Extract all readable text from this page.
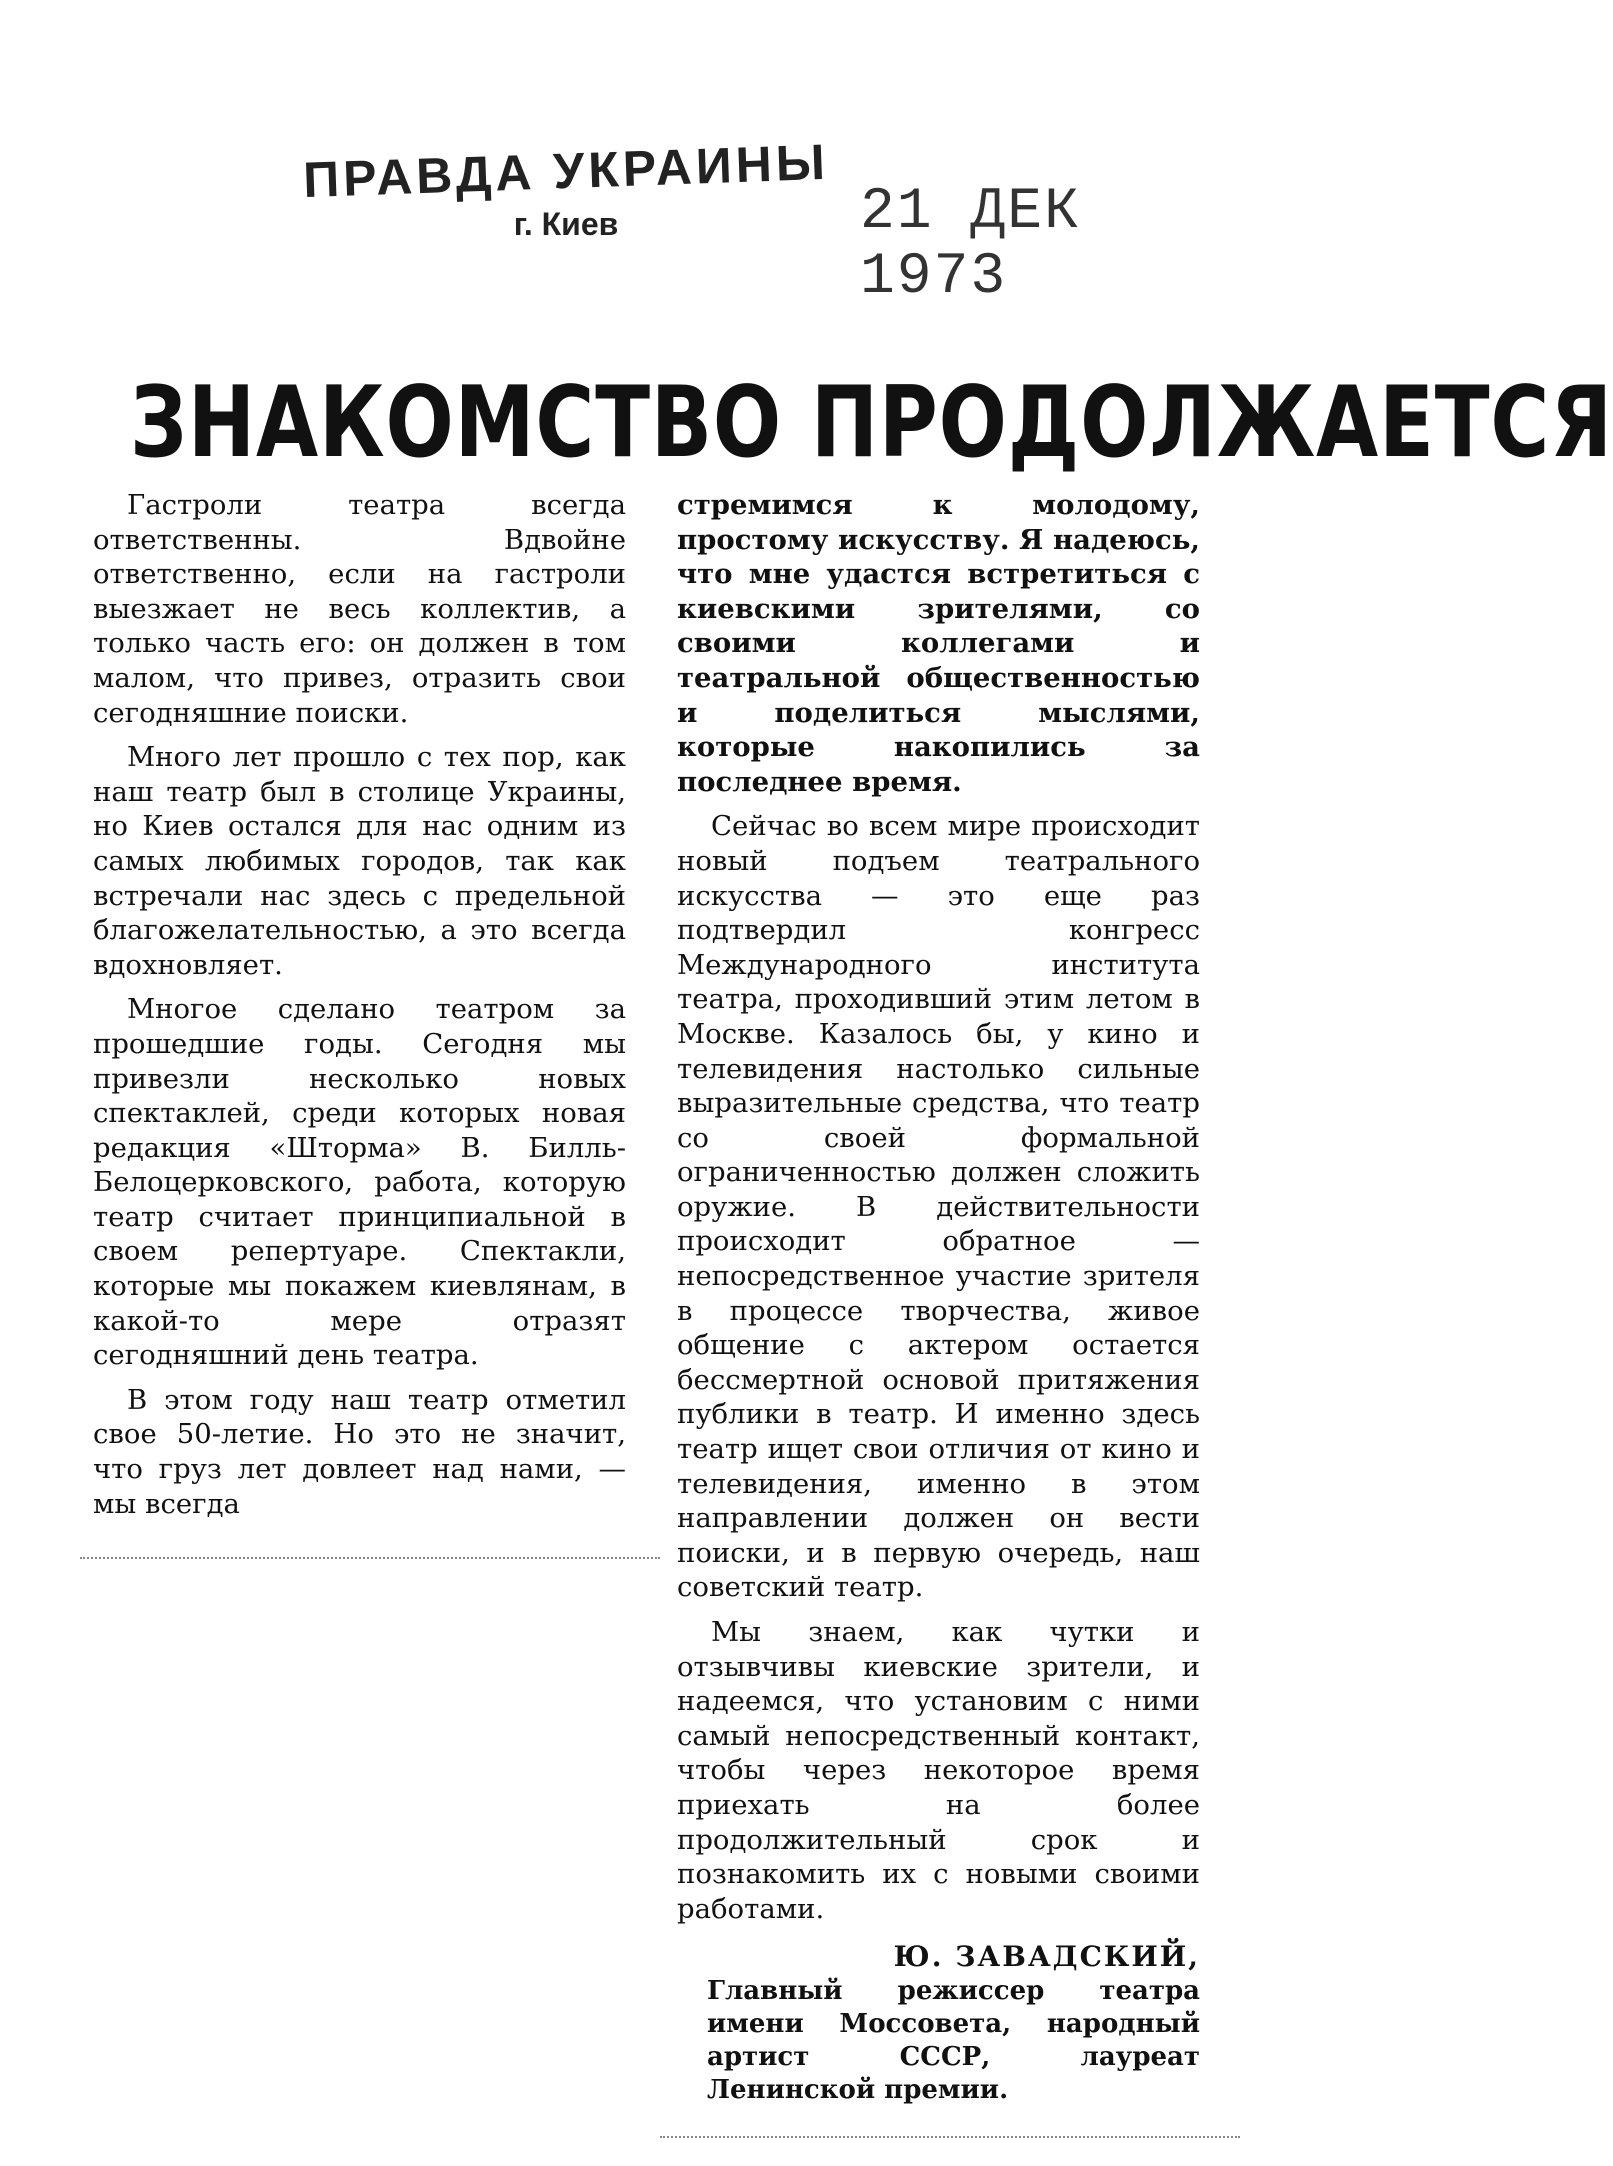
ПРАВДА УКРАИНЫ
г. Киев	21 ДЕК 1973
ЗНАКОМСТВО ПРОДОЛЖАЕТСЯ

Гастроли театра всегда ответственны. Вдвойне ответственно, если на гастроли выезжает не весь коллектив, а только часть его: он должен в том малом, что привез, отразить свои сегодняшние поиски.

Много лет прошло с тех пор, как наш театр был в столице Украины, но Киев остался для нас одним из самых любимых городов, так как встречали нас здесь с предельной благожелательностью, а это всегда вдохновляет.

Многое сделано театром за прошедшие годы. Сегодня мы привезли несколько новых спектаклей, среди которых новая редакция «Шторма» В. Билль-Белоцерковского, работа, которую театр считает принципиальной в своем репертуаре. Спектакли, которые мы покажем киевлянам, в какой-то мере отразят сегодняшний день театра.

В этом году наш театр отметил свое 50-летие. Но это не значит, что груз лет довлеет над нами, — мы всегда

стремимся к молодому, простому искусству. Я надеюсь, что мне удастся встретиться с киевскими зрителями, со своими коллегами и театральной общественностью и поделиться мыслями, которые накопились за последнее время.

Сейчас во всем мире происходит новый подъем театрального искусства — это еще раз подтвердил конгресс Международного института театра, проходивший этим летом в Москве. Казалось бы, у кино и телевидения настолько сильные выразительные средства, что театр со своей формальной ограниченностью должен сложить оружие. В действительности происходит обратное — непосредственное участие зрителя в процессе творчества, живое общение с актером остается бессмертной основой притяжения публики в театр. И именно здесь театр ищет свои отличия от кино и телевидения, именно в этом направлении должен он вести поиски, и в первую очередь, наш советский театр.

Мы знаем, как чутки и отзывчивы киевские зрители, и надеемся, что установим с ними самый непосредственный контакт, чтобы через некоторое время приехать на более продолжительный срок и познакомить их с новыми своими работами.

Ю. ЗАВАДСКИЙ,
Главный режиссер театра имени Моссовета, народный артист СССР, лауреат Ленинской премии.
